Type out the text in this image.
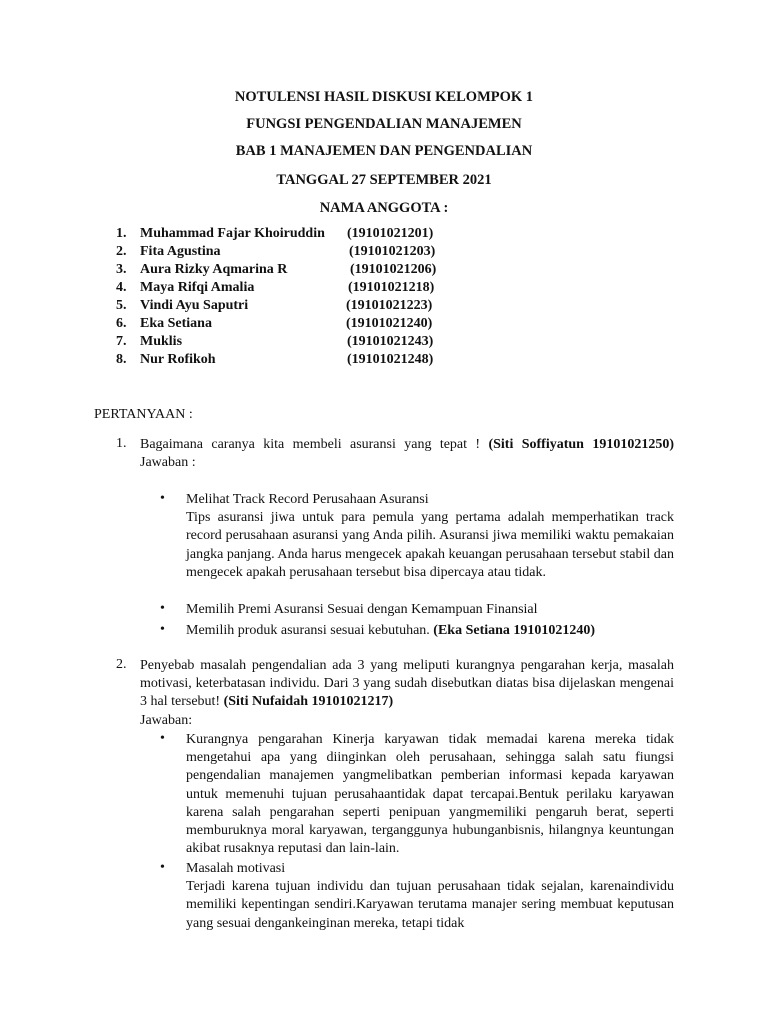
NOTULENSI HASIL DISKUSI KELOMPOK 1
FUNGSI PENGENDALIAN MANAJEMEN
BAB 1 MANAJEMEN DAN PENGENDALIAN
TANGGAL 27 SEPTEMBER 2021
NAMA ANGGOTA :
1. Muhammad Fajar Khoiruddin (19101021201)
2. Fita Agustina	(19101021203)
3. Aura Rizky Aqmarina R	(19101021206)
4. Maya Rifqi Amalia	(19101021218)
5. Vindi Ayu Saputri	(19101021223)
6. Eka Setiana	(19101021240)
7. Muklis	(19101021243)
8. Nur Rofikoh	(19101021248)
PERTANYAAN :
1. Bagaimana caranya kita membeli asuransi yang tepat ! (Siti Soffiyatun 19101021250)
Jawaban :
• Melihat Track Record Perusahaan Asuransi
Tips asuransi jiwa untuk para pemula yang pertama adalah memperhatikan track record perusahaan asuransi yang Anda pilih. Asuransi jiwa memiliki waktu pemakaian jangka panjang. Anda harus mengecek apakah keuangan perusahaan tersebut stabil dan mengecek apakah perusahaan tersebut bisa dipercaya atau tidak.
• Memilih Premi Asuransi Sesuai dengan Kemampuan Finansial
• Memilih produk asuransi sesuai kebutuhan. (Eka Setiana 19101021240)
2. Penyebab masalah pengendalian ada 3 yang meliputi kurangnya pengarahan kerja, masalah motivasi, keterbatasan individu. Dari 3 yang sudah disebutkan diatas bisa dijelaskan mengenai 3 hal tersebut! (Siti Nufaidah 19101021217)
Jawaban:
• Kurangnya pengarahan Kinerja karyawan tidak memadai karena mereka tidak mengetahui apa yang diinginkan oleh perusahaan, sehingga salah satu fiungsi pengendalian manajemen yangmelibatkan pemberian informasi kepada karyawan untuk memenuhi tujuan perusahaantidak dapat tercapai.Bentuk perilaku karyawan karena salah pengarahan seperti penipuan yangmemiliki pengaruh berat, seperti memburuknya moral karyawan, terganggunya hubunganbisnis, hilangnya keuntungan akibat rusaknya reputasi dan lain-lain.
• Masalah motivasi
Terjadi karena tujuan individu dan tujuan perusahaan tidak sejalan, karenaindividu memiliki kepentingan sendiri.Karyawan terutama manajer sering membuat keputusan yang sesuai dengankeinginan mereka, tetapi tidak
